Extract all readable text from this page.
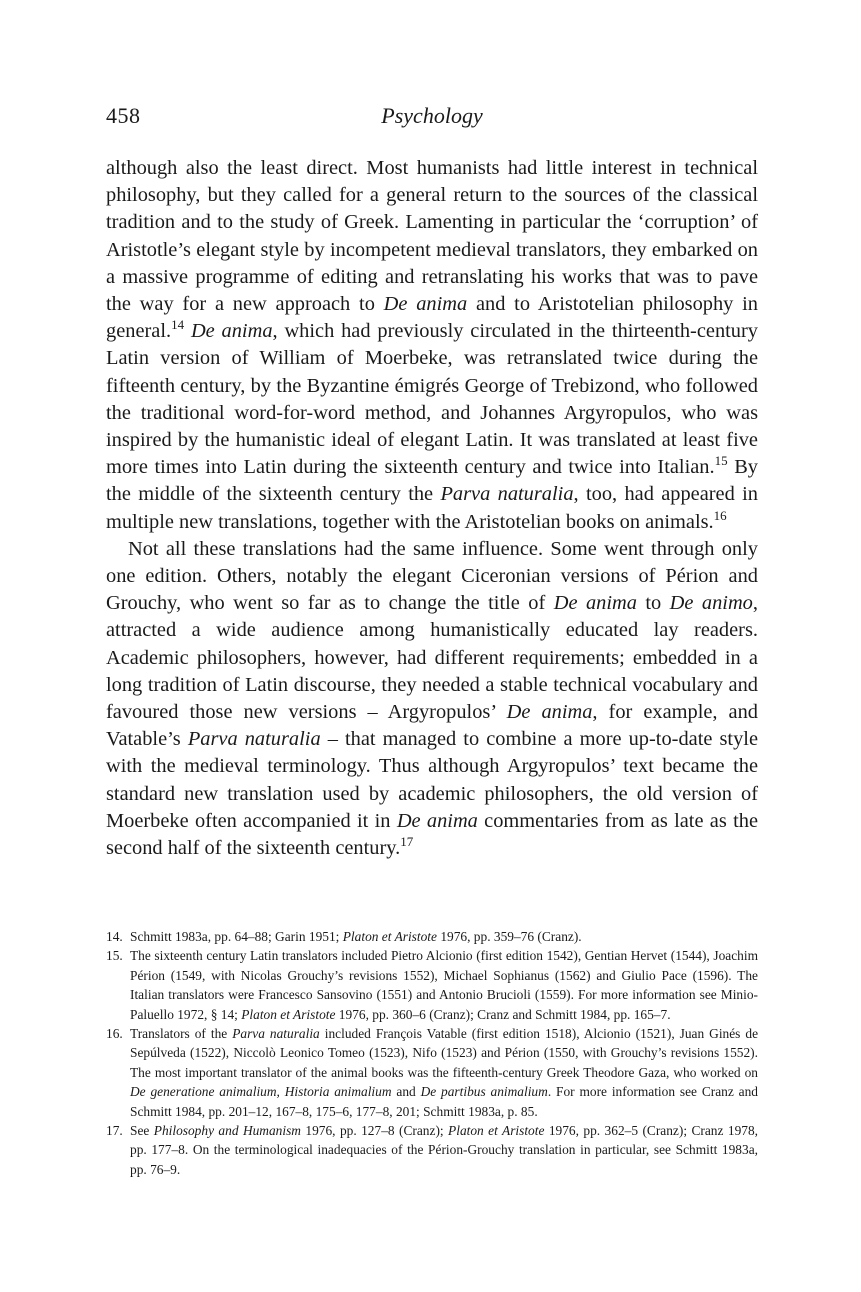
458	Psychology

although also the least direct. Most humanists had little interest in technical philosophy, but they called for a general return to the sources of the classical tradition and to the study of Greek. Lamenting in particular the ‘corruption’ of Aristotle’s elegant style by incompetent medieval translators, they embarked on a massive programme of editing and retranslating his works that was to pave the way for a new approach to De anima and to Aristotelian philosophy in general.$^{14}$ De anima, which had previously circulated in the thirteenth-century Latin version of William of Moerbeke, was retranslated twice during the fifteenth century, by the Byzantine émigrés George of Trebizond, who followed the traditional word-for-word method, and Johannes Argyropulos, who was inspired by the humanistic ideal of elegant Latin. It was translated at least five more times into Latin during the sixteenth century and twice into Italian.$^{15}$ By the middle of the sixteenth century the Parva naturalia, too, had appeared in multiple new translations, together with the Aristotelian books on animals.$^{16}$

Not all these translations had the same influence. Some went through only one edition. Others, notably the elegant Ciceronian versions of Périon and Grouchy, who went so far as to change the title of De anima to De animo, attracted a wide audience among humanistically educated lay readers. Academic philosophers, however, had different requirements; embedded in a long tradition of Latin discourse, they needed a stable technical vocabulary and favoured those new versions – Argyropulos’ De anima, for example, and Vatable’s Parva naturalia – that managed to combine a more up-to-date style with the medieval terminology. Thus although Argyropulos’ text became the standard new translation used by academic philosophers, the old version of Moerbeke often accompanied it in De anima commentaries from as late as the second half of the sixteenth century.$^{17}$

14. Schmitt 1983a, pp. 64–88; Garin 1951; Platon et Aristote 1976, pp. 359–76 (Cranz).

15. The sixteenth century Latin translators included Pietro Alcionio (first edition 1542), Gentian Hervet (1544), Joachim Périon (1549, with Nicolas Grouchy’s revisions 1552), Michael Sophianus (1562) and Giulio Pace (1596). The Italian translators were Francesco Sansovino (1551) and Antonio Brucioli (1559). For more information see Minio-Paluello 1972, § 14; Platon et Aristote 1976, pp. 360–6 (Cranz); Cranz and Schmitt 1984, pp. 165–7.

16. Translators of the Parva naturalia included François Vatable (first edition 1518), Alcionio (1521), Juan Ginés de Sepúlveda (1522), Niccolò Leonico Tomeo (1523), Nifo (1523) and Périon (1550, with Grouchy’s revisions 1552). The most important translator of the animal books was the fifteenth-century Greek Theodore Gaza, who worked on De generatione animalium, Historia animalium and De partibus animalium. For more information see Cranz and Schmitt 1984, pp. 201–12, 167–8, 175–6, 177–8, 201; Schmitt 1983a, p. 85.

17. See Philosophy and Humanism 1976, pp. 127–8 (Cranz); Platon et Aristote 1976, pp. 362–5 (Cranz); Cranz 1978, pp. 177–8. On the terminological inadequacies of the Périon-Grouchy translation in particular, see Schmitt 1983a, pp. 76–9.
